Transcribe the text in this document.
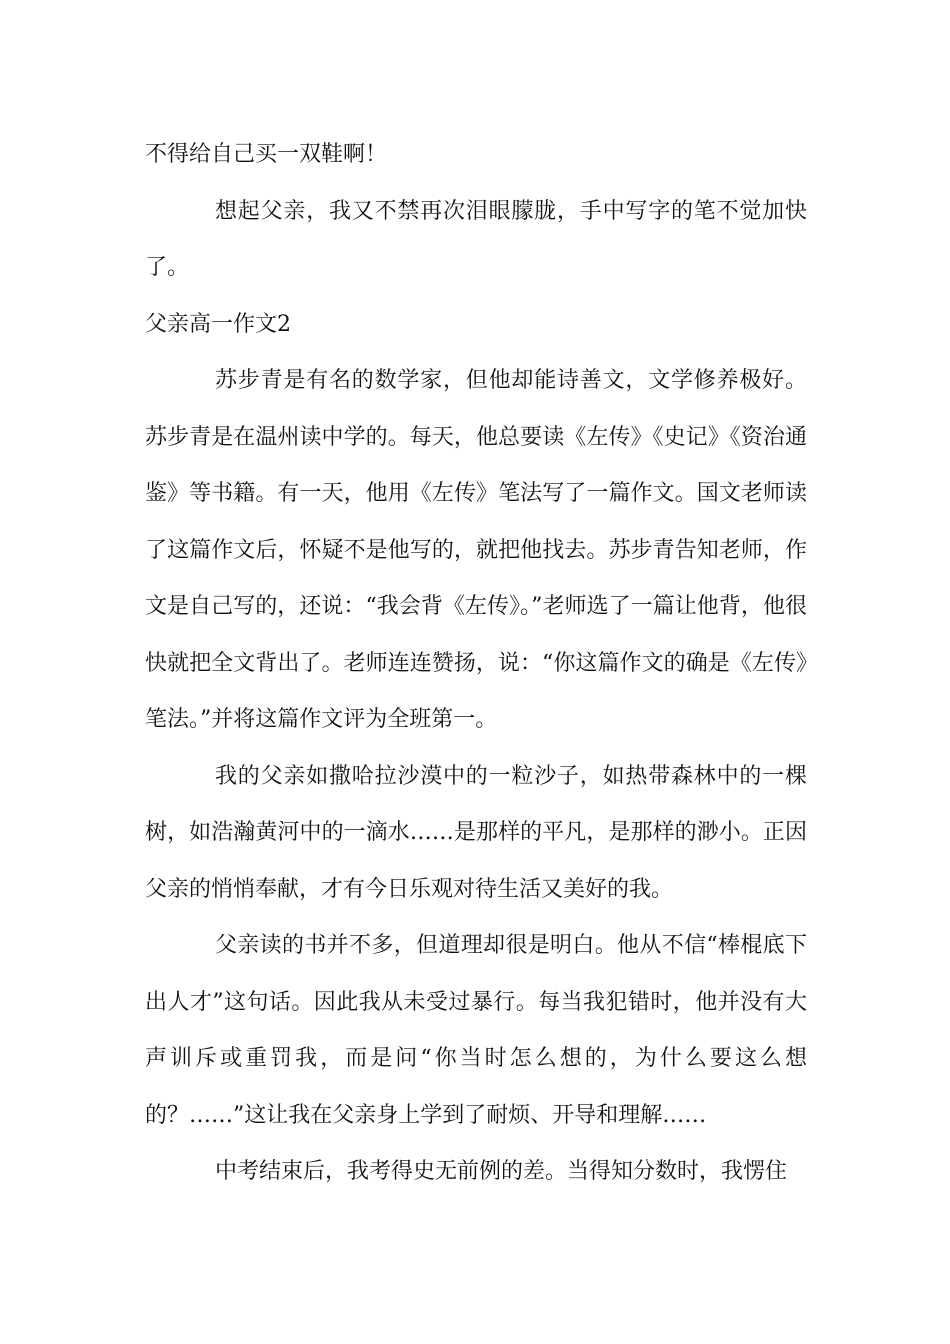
不得给自己买一双鞋啊！

想起父亲，我又不禁再次泪眼朦胧，手中写字的笔不觉加快了。

父亲高一作文2

苏步青是有名的数学家，但他却能诗善文，文学修养极好。苏步青是在温州读中学的。每天，他总要读《左传》《史记》《资治通鉴》等书籍。有一天，他用《左传》笔法写了一篇作文。国文老师读了这篇作文后，怀疑不是他写的，就把他找去。苏步青告知老师，作文是自己写的，还说：“我会背《左传》。”老师选了一篇让他背，他很快就把全文背出了。老师连连赞扬，说：“你这篇作文的确是《左传》笔法。”并将这篇作文评为全班第一。

我的父亲如撒哈拉沙漠中的一粒沙子，如热带森林中的一棵树，如浩瀚黄河中的一滴水……是那样的平凡，是那样的渺小。正因父亲的悄悄奉献，才有今日乐观对待生活又美好的我。

父亲读的书并不多，但道理却很是明白。他从不信“棒棍底下出人才”这句话。因此我从未受过暴行。每当我犯错时，他并没有大声训斥或重罚我，而是问“你当时怎么想的，为什么要这么想的？……”这让我在父亲身上学到了耐烦、开导和理解……

中考结束后，我考得史无前例的差。当得知分数时，我愣住
